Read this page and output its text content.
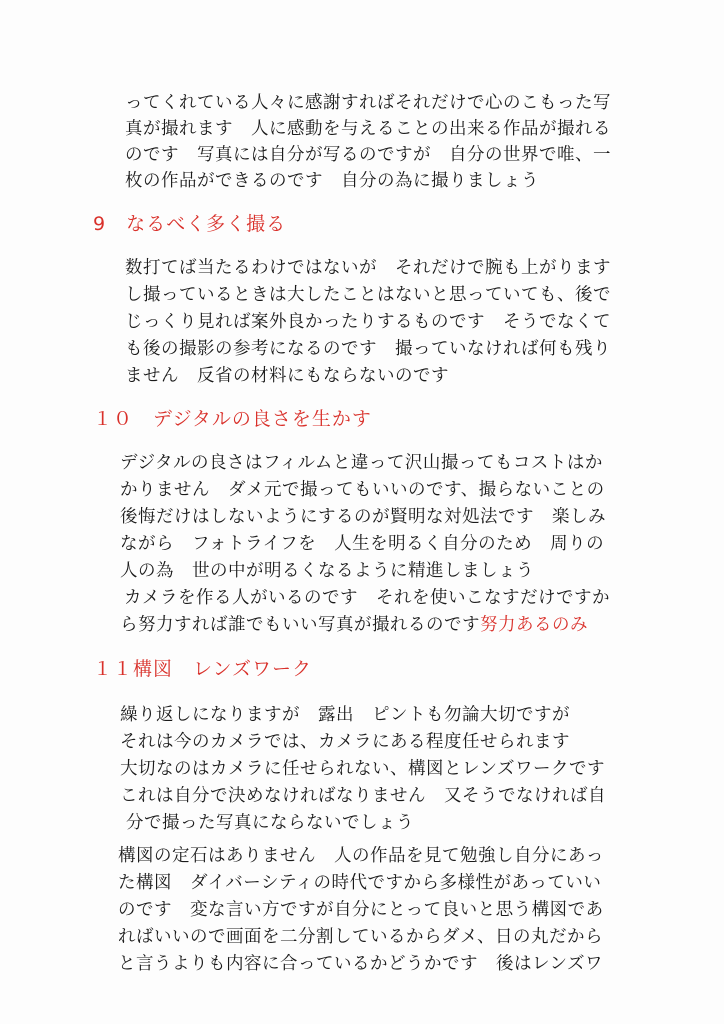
ってくれている人々に感謝すればそれだけで心のこもった写
真が撮れます　人に感動を与えることの出来る作品が撮れる
のです　写真には自分が写るのですが　自分の世界で唯、一
枚の作品ができるのです　自分の為に撮りましょう
9　なるべく多く撮る
数打てば当たるわけではないが　それだけで腕も上がります
し撮っているときは大したことはないと思っていても、後で
じっくり見れば案外良かったりするものです　そうでなくて
も後の撮影の参考になるのです　撮っていなければ何も残り
ません　反省の材料にもならないのです
１０　デジタルの良さを生かす
デジタルの良さはフィルムと違って沢山撮ってもコストはか
かりません　ダメ元で撮ってもいいのです、撮らないことの
後悔だけはしないようにするのが賢明な対処法です　楽しみ
ながら　フォトライフを　人生を明るく自分のため　周りの
人の為　世の中が明るくなるように精進しましょう
カメラを作る人がいるのです　それを使いこなすだけですか
ら努力すれば誰でもいい写真が撮れるのです努力あるのみ
１１構図　レンズワーク
繰り返しになりますが　露出　ピントも勿論大切ですが
それは今のカメラでは、カメラにある程度任せられます
大切なのはカメラに任せられない、構図とレンズワークです
これは自分で決めなければなりません　又そうでなければ自
分で撮った写真にならないでしょう
構図の定石はありません　人の作品を見て勉強し自分にあっ
た構図　ダイバーシティの時代ですから多様性があっていい
のです　変な言い方ですが自分にとって良いと思う構図であ
ればいいので画面を二分割しているからダメ、日の丸だから
と言うよりも内容に合っているかどうかです　後はレンズワ
